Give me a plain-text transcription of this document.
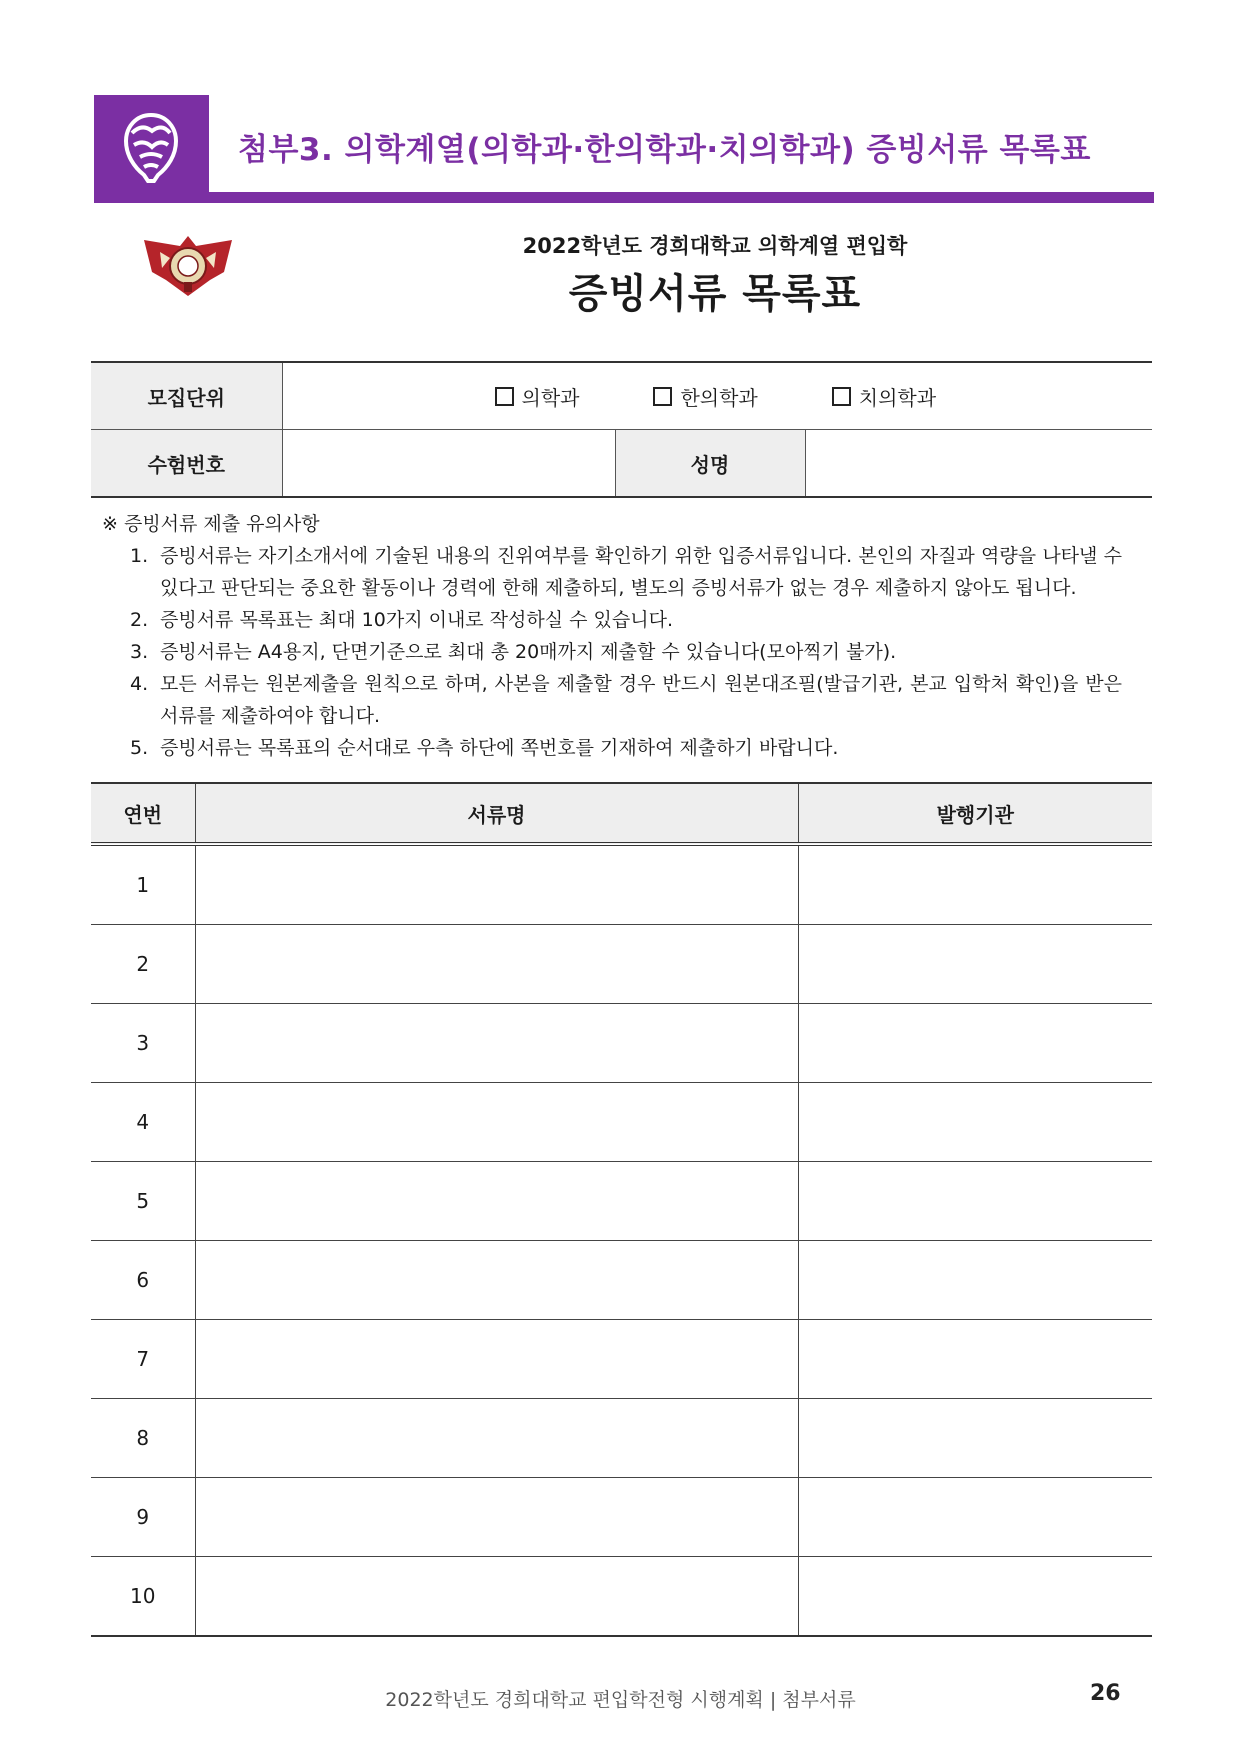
첨부3. 의학계열(의학과·한의학과·치의학과) 증빙서류 목록표
2022학년도 경희대학교 의학계열 편입학
증빙서류 목록표
모집단위	의학과 한의학과 치의학과		

수험번호		성명	
※ 증빙서류 제출 유의사항
1. 증빙서류는 자기소개서에 기술된 내용의 진위여부를 확인하기 위한 입증서류입니다. 본인의 자질과 역량을 나타낼 수 있다고 판단되는 중요한 활동이나 경력에 한해 제출하되, 별도의 증빙서류가 없는 경우 제출하지 않아도 됩니다.
2. 증빙서류 목록표는 최대 10가지 이내로 작성하실 수 있습니다.
3. 증빙서류는 A4용지, 단면기준으로 최대 총 20매까지 제출할 수 있습니다(모아찍기 불가).
4. 모든 서류는 원본제출을 원칙으로 하며, 사본을 제출할 경우 반드시 원본대조필(발급기관, 본교 입학처 확인)을 받은 서류를 제출하여야 합니다.
5. 증빙서류는 목록표의 순서대로 우측 하단에 쪽번호를 기재하여 제출하기 바랍니다.
연번	서류명	발행기관
1		
2		
3		
4		
5		
6		
7		
8		
9		
10		
2022학년도 경희대학교 편입학전형 시행계획 | 첨부서류	26
